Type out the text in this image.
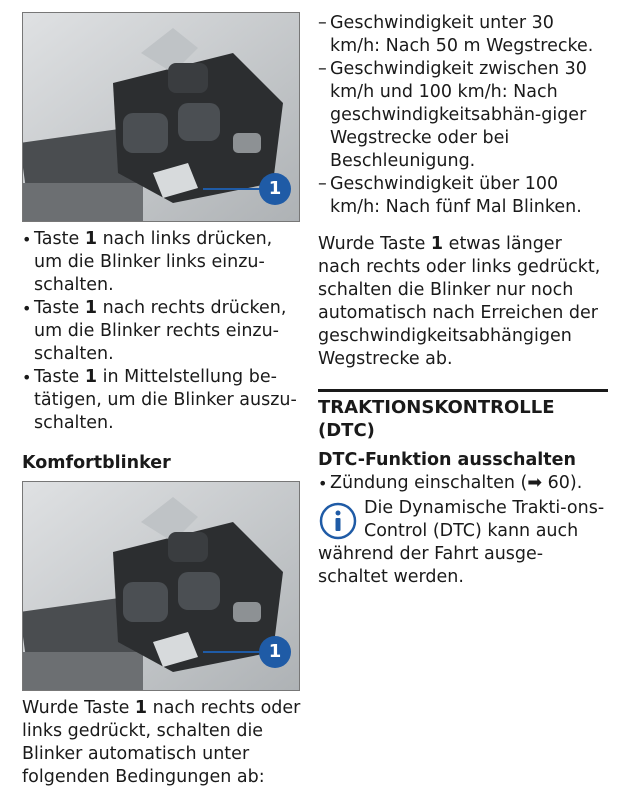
1
• Taste 1 nach links drücken, um die Blinker links einzu-schalten.
• Taste 1 nach rechts drücken, um die Blinker rechts einzu-schalten.
• Taste 1 in Mittelstellung be-tätigen, um die Blinker auszu-schalten.
Komfortblinker
1
Wurde Taste 1 nach rechts oder links gedrückt, schalten die Blinker automatisch unter folgenden Bedingungen ab:
– Geschwindigkeit unter 30 km/h: Nach 50 m Wegstrecke.
– Geschwindigkeit zwischen 30 km/h und 100 km/h: Nach geschwindigkeitsabhän-giger Wegstrecke oder bei Beschleunigung.
– Geschwindigkeit über 100 km/h: Nach fünf Mal Blinken.
Wurde Taste 1 etwas länger nach rechts oder links gedrückt, schalten die Blinker nur noch automatisch nach Erreichen der geschwindigkeitsabhängigen Wegstrecke ab.
TRAKTIONSKONTROLLE (DTC)
DTC-Funktion ausschalten
• Zündung einschalten (➡ 60).
Die Dynamische Trakti-ons-Control (DTC) kann auch während der Fahrt ausge-schaltet werden.
